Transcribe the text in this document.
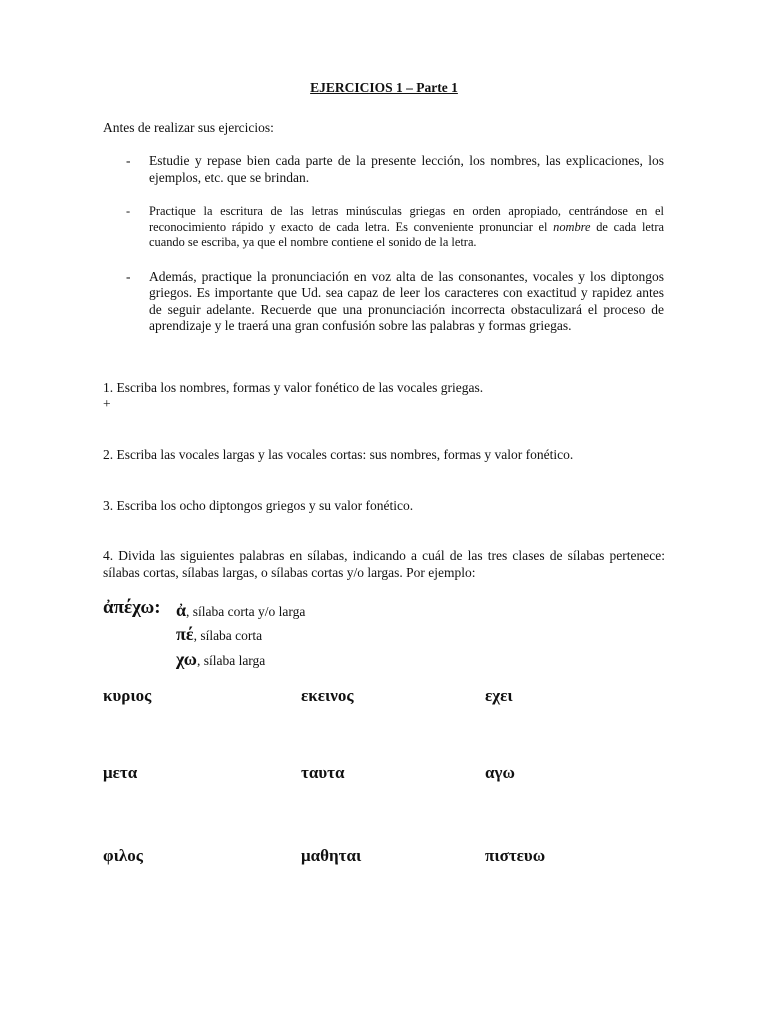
EJERCICIOS 1 – Parte 1
Antes de realizar sus ejercicios:
- Estudie y repase bien cada parte de la presente lección, los nombres, las explicaciones, los ejemplos, etc. que se brindan.
- Practique la escritura de las letras minúsculas griegas en orden apropiado, centrándose en el reconocimiento rápido y exacto de cada letra. Es conveniente pronunciar el nombre de cada letra cuando se escriba, ya que el nombre contiene el sonido de la letra.
- Además, practique la pronunciación en voz alta de las consonantes, vocales y los diptongos griegos. Es importante que Ud. sea capaz de leer los caracteres con exactitud y rapidez antes de seguir adelante. Recuerde que una pronunciación incorrecta obstaculizará el proceso de aprendizaje y le traerá una gran confusión sobre las palabras y formas griegas.
1. Escriba los nombres, formas y valor fonético de las vocales griegas.
+
2. Escriba las vocales largas y las vocales cortas: sus nombres, formas y valor fonético.
3. Escriba los ocho diptongos griegos y su valor fonético.
4. Divida las siguientes palabras en sílabas, indicando a cuál de las tres clases de sílabas pertenece: sílabas cortas, sílabas largas, o sílabas cortas y/o largas. Por ejemplo:
ἀπέχω: ἀ, sílaba corta y/o larga
πέ, sílaba corta
χω, sílaba larga
κυριος	εκεινος	εχει
μετα	ταυτα	αγω
φιλος	μαθηται	πιστευω
